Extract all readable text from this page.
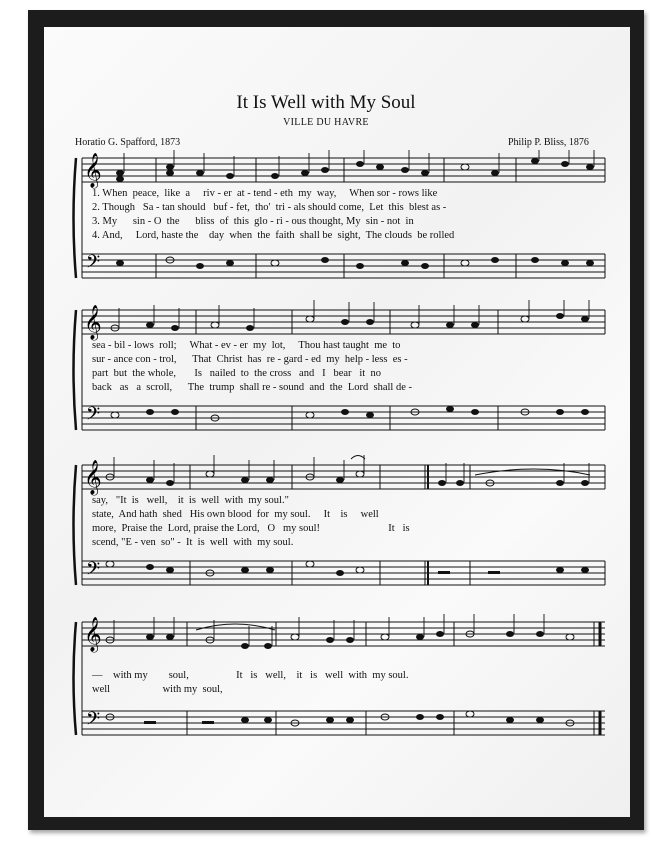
It Is Well with My Soul
VILLE DU HAVRE
Horatio G. Spafford, 1873	Philip P. Bliss, 1876
𝄞
𝄢
1. When  peace,  like  a     riv - er  at - tend - eth  my  way,     When sor - rows like
2. Though   Sa - tan should   buf - fet,  tho'  tri - als should come,  Let  this  blest as -
3. My      sin - O  the      bliss  of  this  glo - ri - ous thought, My  sin - not  in
4. And,     Lord, haste the    day  when  the  faith  shall be  sight,  The clouds  be rolled
𝄞
𝄢
sea - bil - lows  roll;     What - ev - er  my  lot,     Thou hast taught  me  to
sur - ance con - trol,      That  Christ  has  re - gard - ed  my  help - less  es -
part  but  the whole,       Is   nailed  to  the cross   and   I   bear   it  no
back   as   a  scroll,      The  trump  shall re - sound  and  the  Lord  shall de -
𝄞
𝄢
say,   "It  is   well,    it  is  well  with  my soul."
state,  And hath  shed   His own blood  for  my soul.     It    is     well
more,  Praise the  Lord, praise the Lord,   O   my soul!                          It   is
scend, "E - ven  so" -  It  is  well  with  my soul.
𝄞
𝄢
—    with my        soul,                  It   is   well,    it   is   well  with  my soul.
well                    with my  soul,
